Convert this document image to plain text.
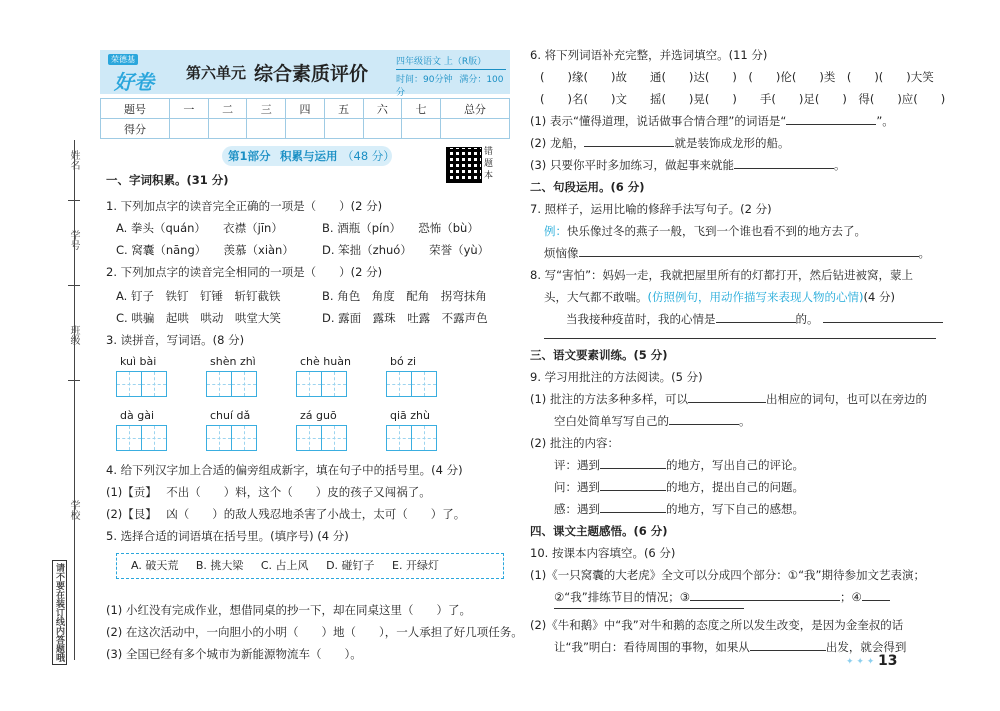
姓名
学号
班级
学校
请不要在装订线内答题哦
荣德基
好卷 第六单元 综合素质评价
四年级语文 上（R版）
时间：90分钟 满分：100分
题号	一	二	三	四	五	六	七	总分
得分								
第1部分 积累与运用 （48 分）	错题本
一、字词积累。(31 分)
1. 下列加点字的读音完全正确的一项是（　　）(2 分)
A. 拳头（quán）　　衣襟（jīn）	B. 酒瓶（pín）　　恐怖（bù）
C. 窝囊（nāng）　　羡慕（xiàn） D. 笨拙（zhuó）　　荣誉（yù）
2. 下列加点字的读音完全相同的一项是（　　）(2 分)
A. 钉子　铁钉　钉锤　斩钉截铁	B. 角色　角度　配角　拐弯抹角
C. 哄骗　起哄　哄动　哄堂大笑	D. 露面　露珠　吐露　不露声色
3. 读拼音，写词语。(8 分)
kuì bài	shèn zhì	chè huàn	bó zi
dà gài	chuí dǎ	zá guō	qiā zhù
4. 给下列汉字加上合适的偏旁组成新字，填在句子中的括号里。(4 分)
(1)【贡】　 不出（　　）料，这个（　　）皮的孩子又闯祸了。
(2)【艮】　 凶（　　）的敌人残忍地杀害了小战士，太可（　　）了。
5. 选择合适的词语填在括号里。(填序号) (4 分)
(1) 小红没有完成作业，想借同桌的抄一下，却在同桌这里（　　）了。
(2) 在这次活动中，一向胆小的小明（　　）地（　　），一人承担了好几项任务。
(3) 全国已经有多个城市为新能源物流车（　　）。
A. 破天荒 B. 挑大梁 C. 占上风 D. 碰钉子 E. 开绿灯
6. 将下列词语补充完整，并选词填空。(11 分)
(　　)缘(　　)故　　通(　　)达(　　)　(　　)伦(　　)类　(　　)(　　)大笑
(　　)名(　　)文　　摇(　　)晃(　　)　　手(　　)足(　　)　得(　　)应(　　)
(1) 表示“懂得道理，说话做事合情合理”的词语是“	”。
(2) 龙船，	就是装饰成龙形的船。
(3) 只要你平时多加练习，做起事来就能	。
二、句段运用。(6 分)
7. 照样子，运用比喻的修辞手法写句子。(2 分)
例：快乐像过冬的燕子一般，飞到一个谁也看不到的地方去了。
烦恼像	。
8. 写“害怕”：妈妈一走，我就把屋里所有的灯都打开，然后钻进被窝，蒙上
头，大气都不敢喘。(仿照例句，用动作描写来表现人物的心情)(4 分)
当我接种疫苗时，我的心情是	的。
三、语文要素训练。(5 分)
9. 学习用批注的方法阅读。(5 分)
(1) 批注的方法多种多样，可以	出相应的词句，也可以在旁边的
空白处简单写写自己的	。
(2) 批注的内容：
评：遇到	的地方，写出自己的评论。
问：遇到	的地方，提出自己的问题。
感：遇到	的地方，写下自己的感想。
四、课文主题感悟。(6 分)
10. 按课本内容填空。(6 分)
(1)《一只窝囊的大老虎》全文可以分成四个部分：①“我”期待参加文艺表演；
②“我”排练节目的情况；③	；④
(2)《牛和鹅》中“我”对牛和鹅的态度之所以发生改变，是因为金奎叔的话
让“我”明白：看待周围的事物，如果从	出发，就会得到
✦ ✦ ✦ 13
